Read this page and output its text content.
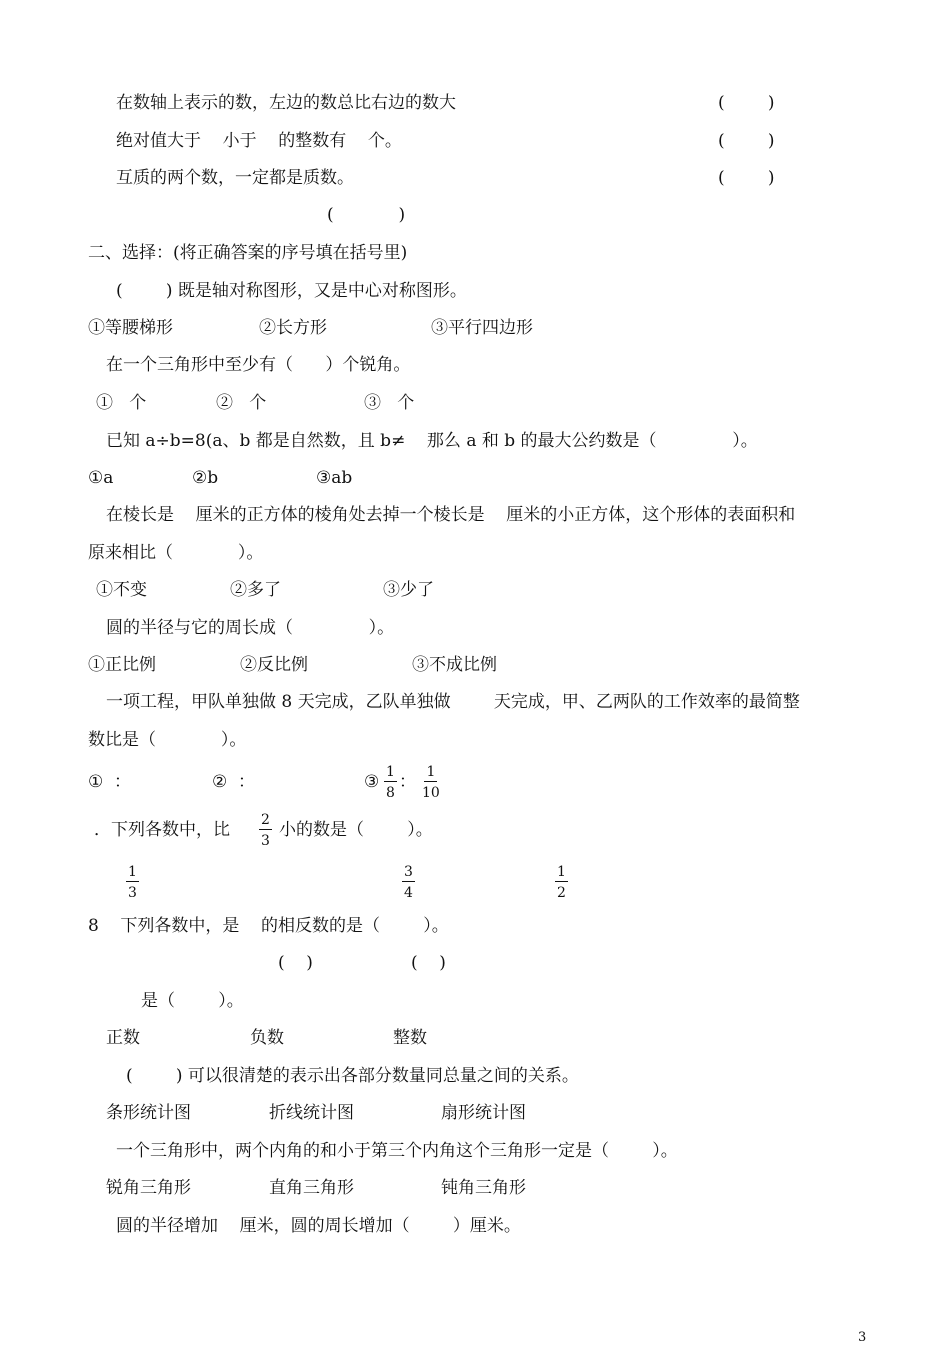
在数轴上表示的数，左边的数总比右边的数大	(        )
绝对值大于    小于    的整数有    个。	(        )
互质的两个数，一定都是质数。	(        )
(            )
二、选择：(将正确答案的序号填在括号里)
(        ) 既是轴对称图形，又是中心对称图形。
①等腰梯形	②长方形	③平行四边形
在一个三角形中至少有（      ）个锐角。
①   个	②   个	③   个
已知 a÷b=8(a、b 都是自然数，且 b≠    那么 a 和 b 的最大公约数是（              ）。
①a	②b	③ab
在棱长是    厘米的正方体的棱角处去掉一个棱长是    厘米的小正方体，这个形体的表面积和
原来相比（            ）。
①不变	②多了	③少了
圆的半径与它的周长成（              ）。
①正比例	②反比例	③不成比例
一项工程，甲队单独做 8 天完成，乙队单独做        天完成，甲、乙两队的工作效率的最简整
数比是（            ）。
①  ：	②  ：	③ $\frac{1}{8}$ ： $\frac{1}{10}$
．下列各数中，比 $\frac{2}{3}$ 小的数是（        ）。
$\frac{1}{3}$	$\frac{3}{4}$	$\frac{1}{2}$
8    下列各数中，是    的相反数的是（        ）。
(    )	(    )
是（        ）。
正数	负数	整数
(        ) 可以很清楚的表示出各部分数量同总量之间的关系。
条形统计图	折线统计图	扇形统计图
一个三角形中，两个内角的和小于第三个内角这个三角形一定是（        ）。
锐角三角形	直角三角形	钝角三角形
圆的半径增加    厘米，圆的周长增加（        ）厘米。
3
